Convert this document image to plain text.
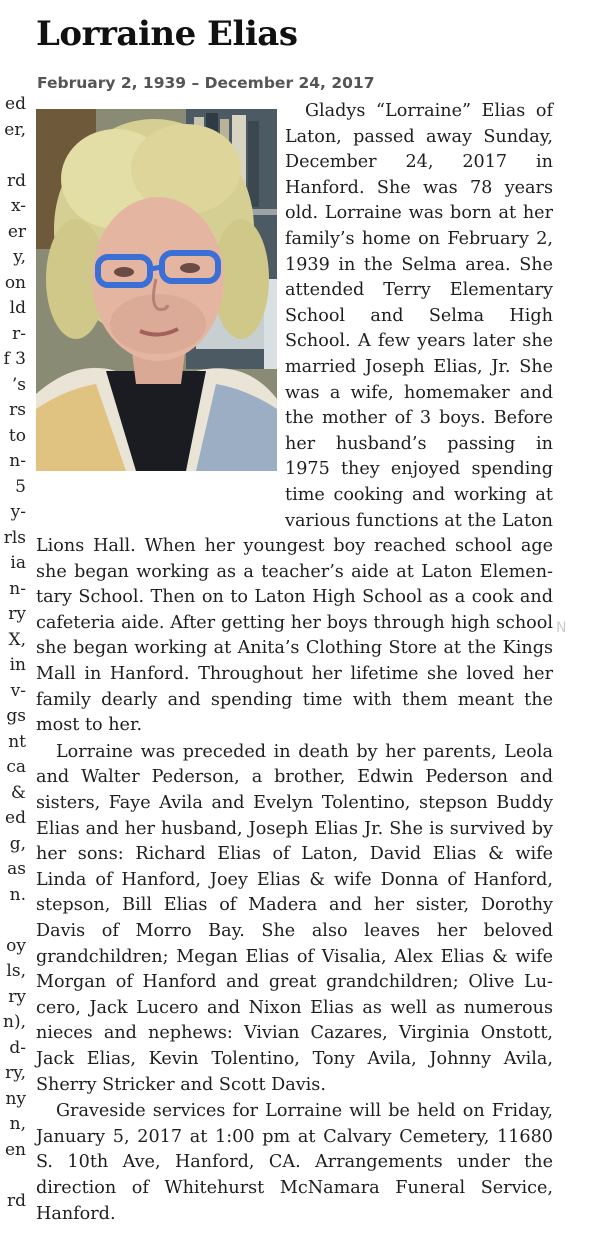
ed
er,
rd
x-
er
y,
on
ld
r-
f 3
’s
rs
to
n-
5
y-
rls
ia
n-
ry
X,
in
v-
gs
nt
ca
&
ed
g,
as
n.
oy
ls,
ry
n),
d-
ry,
ny
n,
en
rd
Lorraine Elias
February 2, 1939 – December 24, 2017

Gladys “Lorraine” Elias of Laton, passed away Sunday, December 24, 2017 in Hanford. She was 78 years old. Lorraine was born at her family’s home on February 2, 1939 in the Selma area. She attended Terry Elementary School and Selma High School. A few years later she married Joseph Elias, Jr. She was a wife, homemaker and the mother of 3 boys. Before her husband’s passing in 1975 they enjoyed spending time cooking and working at various functions at the Laton Lions Hall. When her youngest boy reached school age she began working as a teacher’s aide at Laton Elementary School. Then on to Laton High School as a cook and cafeteria aide. After getting her boys through high school she began working at Anita’s Clothing Store at the Kings Mall in Hanford. Throughout her lifetime she loved her family dearly and spending time with them meant the most to her.

Lorraine was preceded in death by her parents, Leola and Walter Pederson, a brother, Edwin Pederson and sisters, Faye Avila and Evelyn Tolentino, stepson Buddy Elias and her husband, Joseph Elias Jr. She is survived by her sons: Richard Elias of Laton, David Elias & wife Linda of Hanford, Joey Elias & wife Donna of Hanford, stepson, Bill Elias of Madera and her sister, Dorothy Davis of Morro Bay. She also leaves her beloved grandchildren; Megan Elias of Visalia, Alex Elias & wife Morgan of Hanford and great grandchildren; Olive Lucero, Jack Lucero and Nixon Elias as well as numerous nieces and nephews: Vivian Cazares, Virginia Onstott, Jack Elias, Kevin Tolentino, Tony Avila, Johnny Avila, Sherry Stricker and Scott Davis.

Graveside services for Lorraine will be held on Friday, January 5, 2017 at 1:00 pm at Calvary Cemetery, 11680 S. 10th Ave, Hanford, CA. Arrangements under the direction of Whitehurst McNamara Funeral Service, Hanford.

N
